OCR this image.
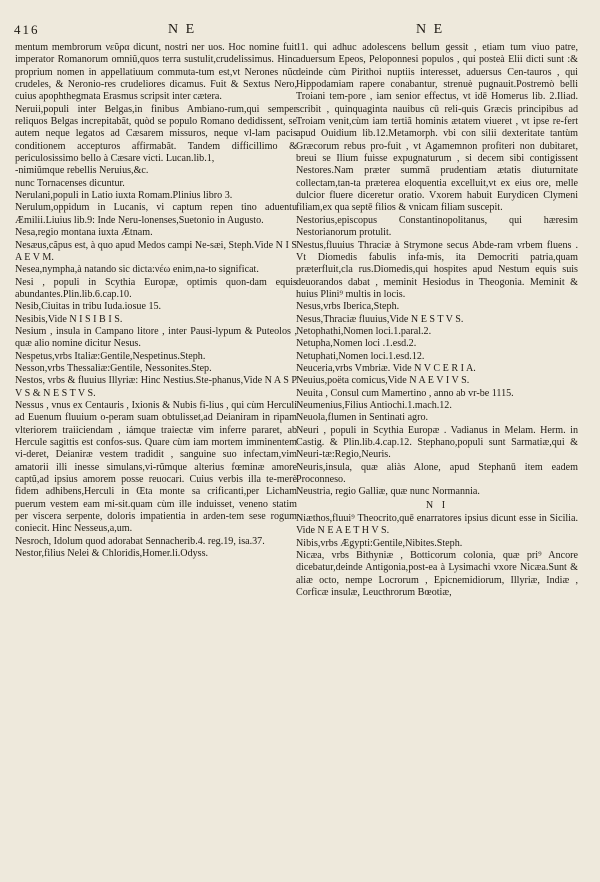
416	N E	N E

mentum membrorum νεῦρα dicunt, nostri ner uos. Hoc nomine fuit imperator Romanorum omniũ,quos terra sustulit,crudelissimus. Hinc proprium nomen in appellatiuum commuta-tum est,vt Nerones nũc crudeles, & Neronio-res crudeliores dicamus. Fuit & Sextus Nero, cuius apophthegmata Erasmus scripsit inter cætera.

Neruii,populi inter Belgas,in finibus Ambiano-rum,qui semper reliquos Belgas increpitabãt, quòd se populo Romano dedidissent, se autem neque legatos ad Cæsarem missuros, neque vl-lam pacis conditionem accepturos affirmabãt. Tandem difficillimo & periculosissimo bello à Cæsare victi. Lucan.lib.1,

-nimiũmque rebellis Neruius,&c.

nunc Tornacenses dicuntur.

Nerulani,populi in Latio iuxta Romam.Plinius libro 3.

Nerulum,oppidum in Lucanis, vi captum repen tino aduentu Æmilii.Liuius lib.9: Inde Neru-lonenses,Suetonio in Augusto.

Nesa,regio montana iuxta Ætnam.

Nesæus,cãpus est, à quo apud Medos campi Ne-sæi, Steph.Vide N I S A E V M.

Nesea,nympha,à natando sic dicta:νέω enim,na-to significat.

Nesi , populi in Scythia Europæ, optimis quon-dam equis abundantes.Plin.lib.6.cap.10.

Nesib,Ciuitas in tribu Iuda.iosue 15.

Nesibis,Vide N I S I B I S.

Nesium , insula in Campano litore , inter Pausi-lypum & Puteolos , quæ alio nomine dicitur Nesus.

Nespetus,vrbs Italiæ:Gentile,Nespetinus.Steph.

Nesson,vrbs Thessaliæ:Gentile, Nessonites.Step.

Nestos, vrbs & fluuius Illyriæ: Hinc Nestius.Ste-phanus,Vide N A S P V S & N E S T V S.

Nessus , vnus ex Centauris , Ixionis & Nubis fi-lius , qui cùm Herculi ad Euenum fluuium o-peram suam obtulisset,ad Deianiram in ripam vlteriorem traiiciendam , iámque traiectæ vim inferre pararet, ab Hercule sagittis est confos-sus. Quare cùm iam mortem imminentem vi-deret, Deianiræ vestem tradidit , sanguine suo infectam,vim amatorii illi inesse simulans,vi-rũmque alterius fœminæ amore captũ,ad ipsius amorem posse reuocari. Cuius verbis illa te-merè fidem adhibens,Herculi in Œta monte sa crificanti,per Licham puerum vestem eam mi-sit.quam cùm ille induisset, veneno statim per viscera serpente, doloris impatientia in arden-tem sese rogum coniecit. Hinc Nesseus,a,um.

Nesroch, Idolum quod adorabat Sennacherib.4. reg.19, isa.37.

Nestor,filius Nelei & Chloridis,Homer.li.Odyss.

11. qui adhuc adolescens bellum gessit , etiam tum viuo patre, aduersum Epeos, Peloponnesi populos , qui posteà Elii dicti sunt :& deinde cùm Pirithoi nuptiis interesset, aduersus Cen-tauros , qui Hippodamiam rapere conabantur, strenuè pugnauit.Postremò belli Troiani tem-pore , iam senior effectus, vt idē Homerus lib. 2.Iliad. scribit , quinquaginta nauibus cū reli-quis Græcis principibus ad Troiam venit,cùm iam tertiã hominis ætatem viueret , vt ipse re-fert apud Ouidium lib.12.Metamorph. vbi con silii dexteritate tantùm Græcorum rebus pro-fuit , vt Agamemnon profiteri non dubitaret, breui se Ilium fuisse expugnaturum , si decem sibi contigissent Nestores.Nam præter summā prudentiam ætatis diuturnitate collectam,tan-ta præterea eloquentia excelluit,vt ex eius ore, melle dulcior fluere diceretur oratio. Vxorem habuit Eurydicen Clymeni filiam,ex qua septē filios & vnicam filiam suscepit.

Nestorius,episcopus Constantinopolitanus, qui hæresim Nestorianorum protulit.

Nestus,fluuius Thraciæ à Strymone secus Abde-ram vrbem fluens . Vt Diomedis fabulis infa-mis, ita Democriti patria,quam præterfluit,cla rus.Diomedis,qui hospites apud Nestum equis suis deuorandos dabat , meminit Hesiodus in Theogonia. Meminit & huius Plini⁹ multis in locis.

Nesus,vrbs Iberica,Steph.

Nesus,Thraciæ fluuius,Vide N E S T V S.

Netophathi,Nomen loci.1.paral.2.

Netupha,Nomen loci .1.esd.2.

Netuphati,Nomen loci.1.esd.12.

Neuceria,vrbs Vmbriæ. Vide N V C E R I A.

Neuius,poëta comicus,Vide N A E V I V S.

Neuita , Consul cum Mamertino , anno ab vr-be 1115.

Neumenius,Filius Antiochi.1.mach.12.

Neuola,flumen in Sentinati agro.

Neuri , populi in Scythia Europæ . Vadianus in Melam. Herm. in Castig. & Plin.lib.4.cap.12. Stephano,populi sunt Sarmatiæ,qui & Neuri-tæ:Regio,Neuris.

Neuris,insula, quæ aliàs Alone, apud Stephanū item eadem Proconneso.

Neustria, regio Galliæ, quæ nunc Normannia.

N I

Niæthos,fluui⁹ Theocrito,quē enarratores ipsius dicunt esse in Sicilia. Vide N E A E T H V S.

Nibis,vrbs Ægypti:Gentile,Nibites.Steph.

Nicæa, vrbs Bithyniæ , Botticorum colonia, quæ pri⁹ Ancore dicebatur,deinde Antigonia,post-ea à Lysimachi vxore Nicæa.Sunt & aliæ octo, nempe Locrorum , Epicnemidiorum, Illyriæ, Indiæ , Corficæ insulæ, Leucthrorum Bœotiæ,
